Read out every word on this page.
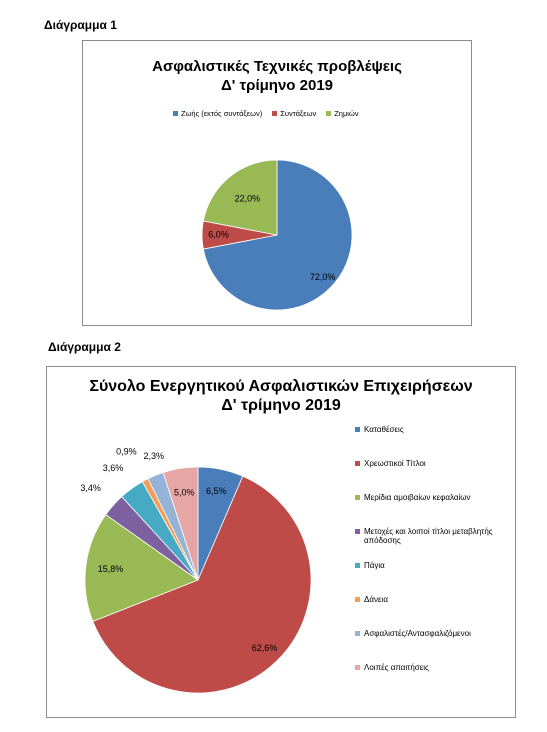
Διάγραμμα 1
Ασφαλιστικές Τεχνικές προβλέψεις
Δ' τρίμηνο 2019
Ζωής (εκτός συντάξεων) Συντάξεων Ζημιών
72,0%
6,0%
22,0%
Διάγραμμα 2
Σύνολο Ενεργητικού Ασφαλιστικών Επιχειρήσεων
Δ' τρίμηνο 2019
6,5%
62,6%
15,8%
3,4%
3,6%
0,9% 2,3%
5,0%
Καταθέσεις
Χρεωστικοί Τίτλοι
Μερίδια αμοιβαίων κεφαλαίων
Μετοχές και λοιποί τίτλοι μεταβλητής απόδοσης
Πάγια
Δάνεια
Ασφαλιστές/Αντασφαλιζόμενοι
Λοιπές απαιτήσεις
